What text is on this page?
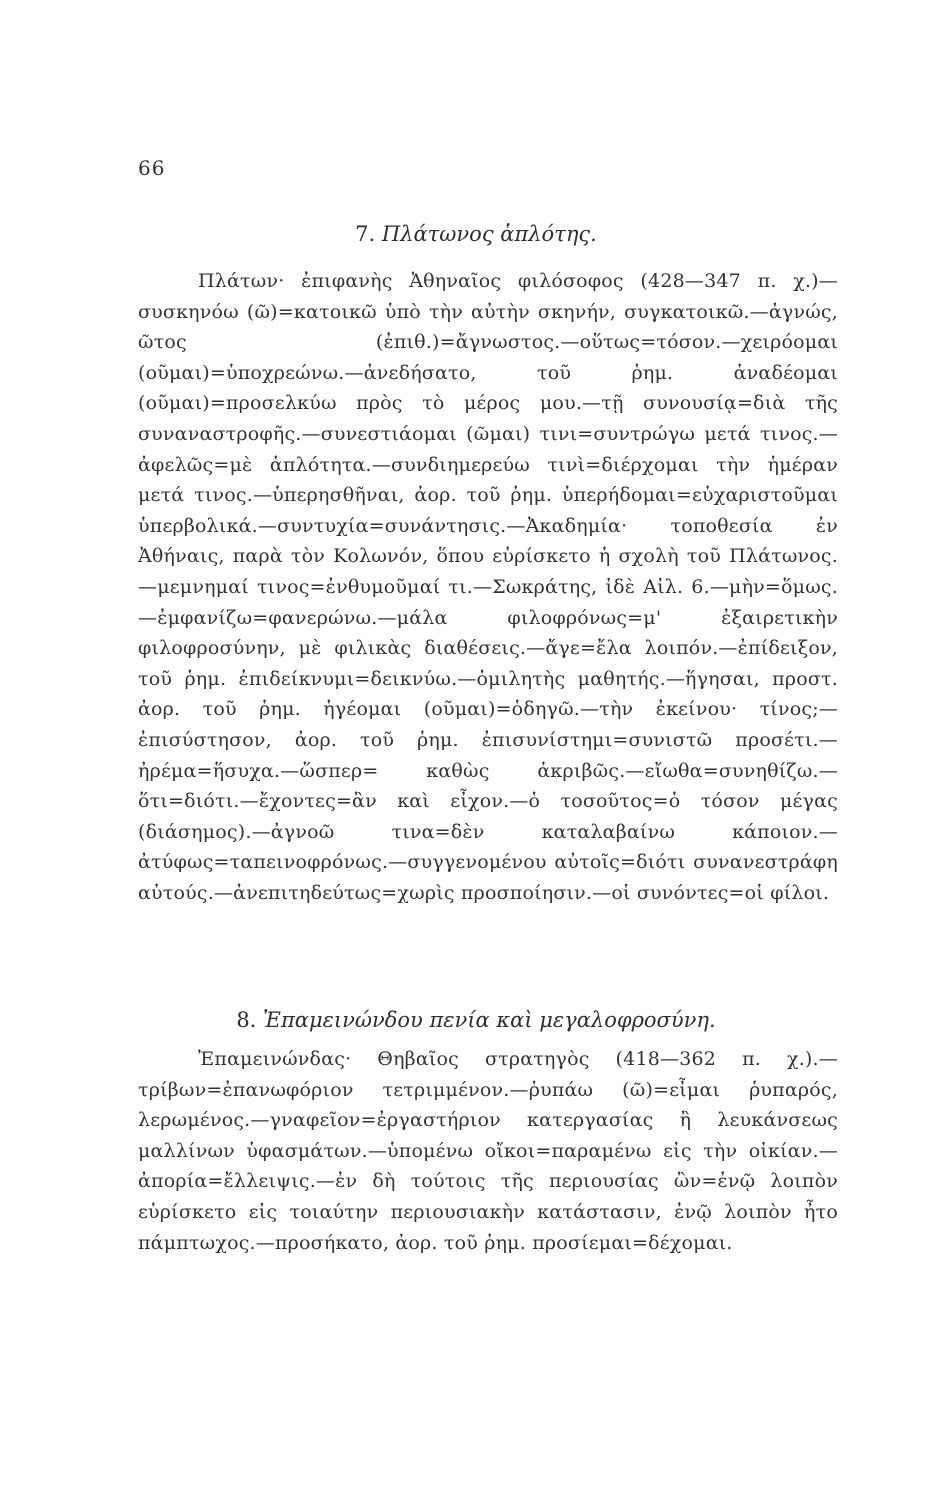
66
7. Πλάτωνος ἁπλότης.

Πλάτων· ἐπιφανὴς Ἀθηναῖος φιλόσοφος (428—347 π. χ.)—συσκηνόω (ῶ)=κατοικῶ ὑπὸ τὴν αὐτὴν σκηνήν, συγκατοικῶ.—ἀγνώς, ῶτος (ἐπιθ.)=ἄγνωστος.—οὕτως=τόσον.—χειρόομαι (οῦμαι)=ὑποχρεώνω.—ἀνεδήσατο, τοῦ ῥημ. ἀναδέομαι (οῦμαι)=προσελκύω πρὸς τὸ μέρος μου.—τῇ συνουσίᾳ=διὰ τῆς συναναστροφῆς.—συνεστιάομαι (ῶμαι) τινι=συντρώγω μετά τινος.—ἀφελῶς=μὲ ἁπλότητα.—συνδιημερεύω τινὶ=διέρχομαι τὴν ἡμέραν μετά τινος.—ὑπερησθῆναι, ἀορ. τοῦ ῥημ. ὑπερήδομαι=εὐχαριστοῦμαι ὑπερβολικά.—συντυχία=συνάντησις.—Ἀκαδημία· τοποθεσία ἐν Ἀθήναις, παρὰ τὸν Κολωνόν, ὅπου εὑρίσκετο ἡ σχολὴ τοῦ Πλάτωνος.—μεμνημαί τινος=ἐνθυμοῦμαί τι.—Σωκράτης, ἰδὲ Αἰλ. 6.—μὴν=ὅμως.—ἐμφανίζω=φανερώνω.—μάλα φιλοφρόνως=μ' ἐξαιρετικὴν φιλοφροσύνην, μὲ φιλικὰς διαθέσεις.—ἄγε=ἔλα λοιπόν.—ἐπίδειξον, τοῦ ῥημ. ἐπιδείκνυμι=δεικνύω.—ὁμιλητὴς μαθητής.—ἥγησαι, προστ. ἀορ. τοῦ ῥημ. ἡγέομαι (οῦμαι)=ὁδηγῶ.—τὴν ἐκείνου· τίνος;—ἐπισύστησον, ἀορ. τοῦ ῥημ. ἐπισυνίστημι=συνιστῶ προσέτι.—ἠρέμα=ἥσυχα.—ὥσπερ= καθὼς ἀκριβῶς.—εἴωθα=συνηθίζω.—ὅτι=διότι.—ἔχοντες=ἂν καὶ εἶχον.—ὁ τοσοῦτος=ὁ τόσον μέγας (διάσημος).—ἀγνοῶ τινα=δὲν καταλαβαίνω κάποιον.—ἀτύφως=ταπεινοφρόνως.—συγγενομένου αὐτοῖς=διότι συνανεστράφη αὐτούς.—ἀνεπιτηδεύτως=χωρὶς προσποίησιν.—οἱ συνόντες=οἱ φίλοι.

8. Ἐπαμεινώνδου πενία καὶ μεγαλοφροσύνη.

Ἐπαμεινώνδας· Θηβαῖος στρατηγὸς (418—362 π. χ.).—τρίβων=ἐπανωφόριον τετριμμένον.—ῥυπάω (ῶ)=εἶμαι ῥυπαρός, λερωμένος.—γναφεῖον=ἐργαστήριον κατεργασίας ἢ λευκάνσεως μαλλίνων ὑφασμάτων.—ὑπομένω οἴκοι=παραμένω εἰς τὴν οἰκίαν.—ἀπορία=ἔλλειψις.—ἐν δὴ τούτοις τῆς περιουσίας ὢν=ἐνῷ λοιπὸν εὑρίσκετο εἰς τοιαύτην περιουσιακὴν κατάστασιν, ἐνῷ λοιπὸν ἦτο πάμπτωχος.—προσήκατο, ἀορ. τοῦ ῥημ. προσίεμαι=δέχομαι.
